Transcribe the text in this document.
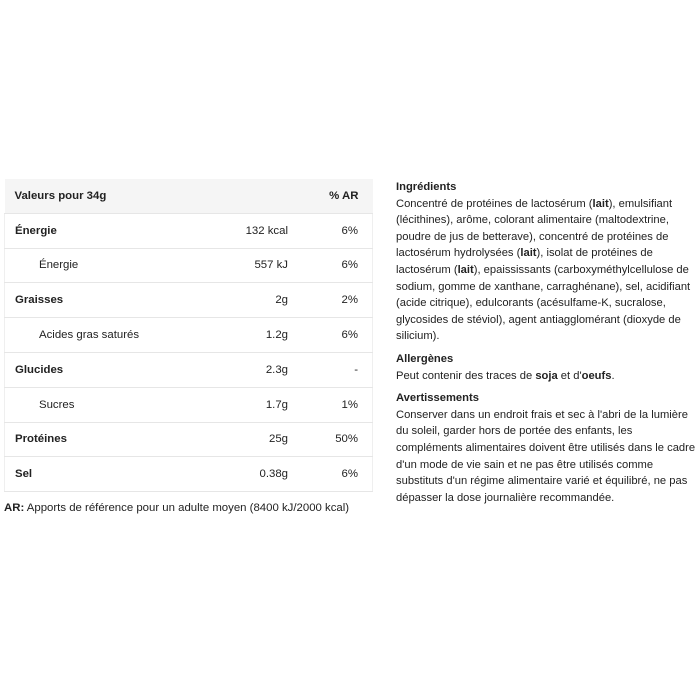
Valeurs pour 34g		% AR
Énergie	132 kcal	6%
Énergie	557 kJ	6%
Graisses	2g	2%
Acides gras saturés	1.2g	6%
Glucides	2.3g	-
Sucres	1.7g	1%
Protéines	25g	50%
Sel	0.38g	6%
AR: Apports de référence pour un adulte moyen (8400 kJ/2000 kcal)

Ingrédients

Concentré de protéines de lactosérum (lait), emulsifiant (lécithines), arôme, colorant alimentaire (maltodextrine, poudre de jus de betterave), concentré de protéines de lactosérum hydrolysées (lait), isolat de protéines de lactosérum (lait), epaississants (carboxyméthylcellulose de sodium, gomme de xanthane, carraghénane), sel, acidifiant (acide citrique), edulcorants (acésulfame-K, sucralose, glycosides de stéviol), agent antiagglomérant (dioxyde de silicium).

Allergènes

Peut contenir des traces de soja et d'oeufs.

Avertissements

Conserver dans un endroit frais et sec à l'abri de la lumière du soleil, garder hors de portée des enfants, les compléments alimentaires doivent être utilisés dans le cadre d'un mode de vie sain et ne pas être utilisés comme substituts d'un régime alimentaire varié et équilibré, ne pas dépasser la dose journalière recommandée.
